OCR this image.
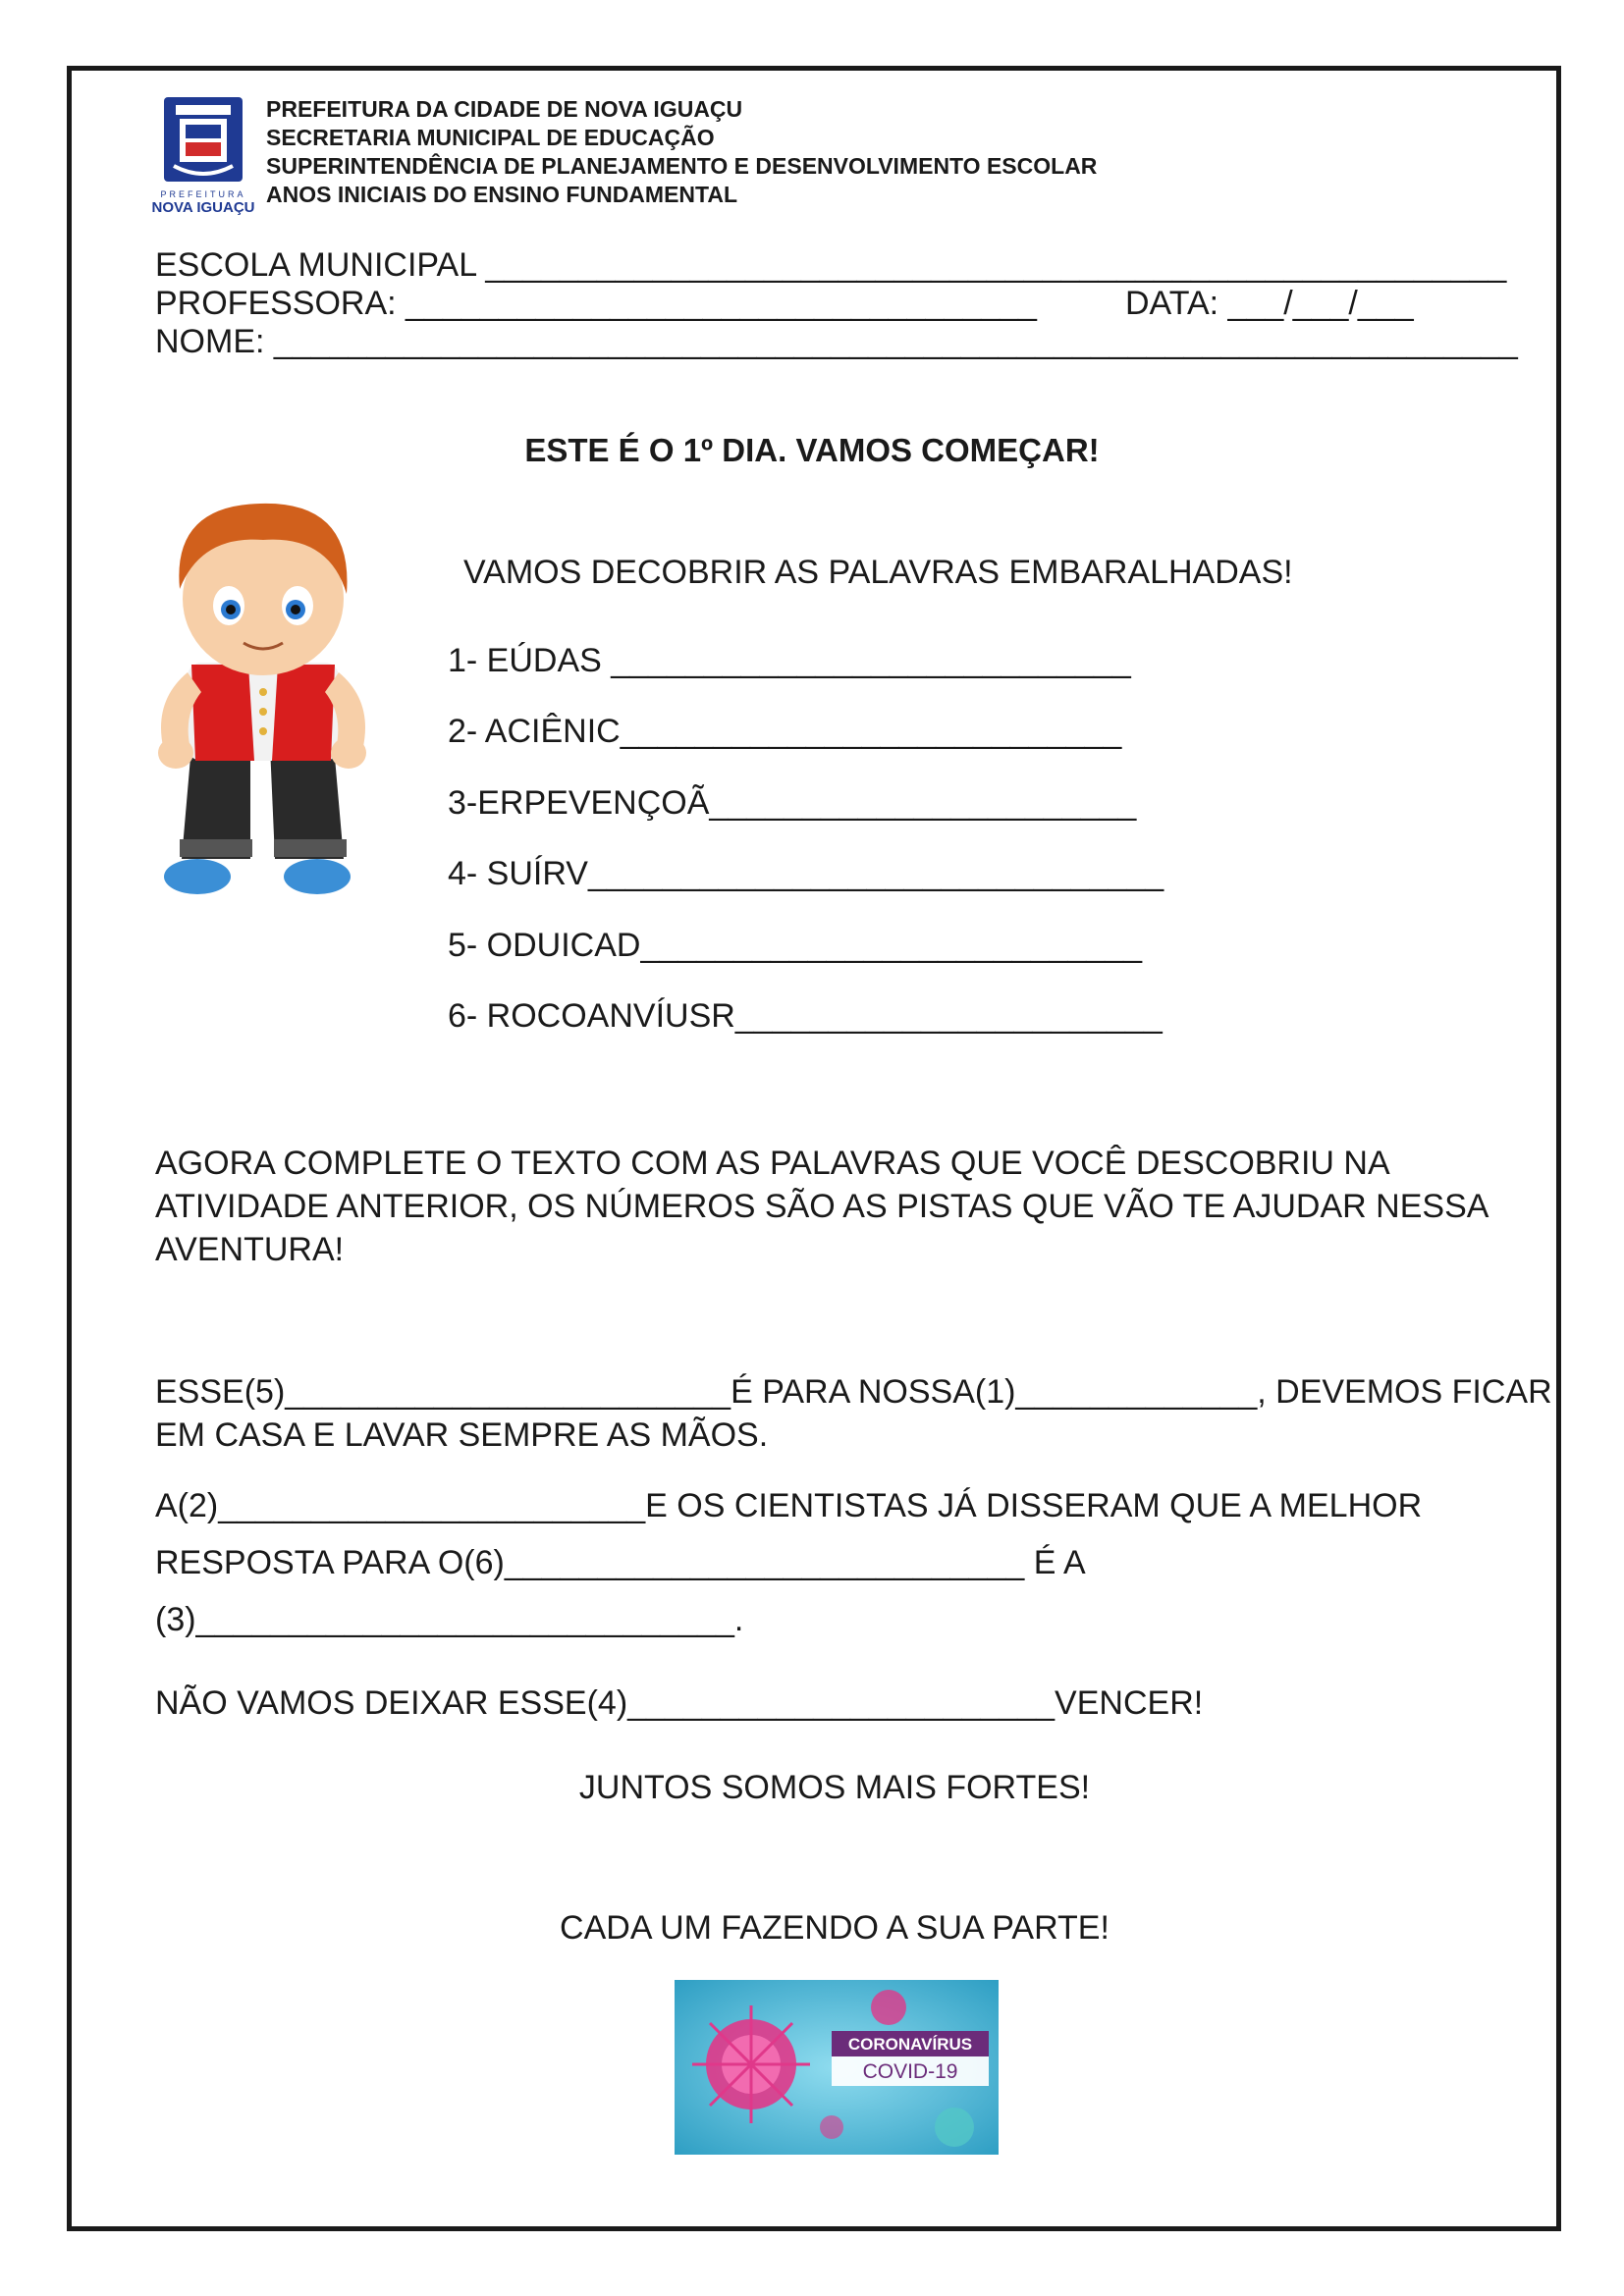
PREFEITURA
NOVA IGUAÇU
PREFEITURA DA CIDADE DE NOVA IGUAÇU
SECRETARIA MUNICIPAL DE EDUCAÇÃO
SUPERINTENDÊNCIA DE PLANEJAMENTO E DESENVOLVIMENTO ESCOLAR
ANOS INICIAIS DO ENSINO FUNDAMENTAL
ESCOLA MUNICIPAL _______________________________________________________
PROFESSORA: __________________________________	DATA: ___/___/___
NOME: ___________________________________________________________________
ESTE É O 1º DIA. VAMOS COMEÇAR!
VAMOS DECOBRIR AS PALAVRAS EMBARALHADAS!
1- EÚDAS ____________________________
2- ACIÊNIC___________________________
3-ERPEVENÇOÃ_______________________
4- SUÍRV_______________________________
5- ODUICAD___________________________
6- ROCOANVÍUSR_______________________
AGORA COMPLETE O TEXTO COM AS PALAVRAS QUE VOCÊ DESCOBRIU NA
ATIVIDADE ANTERIOR, OS NÚMEROS SÃO AS PISTAS QUE VÃO TE AJUDAR NESSA
AVENTURA!
ESSE(5)________________________É PARA NOSSA(1)_____________, DEVEMOS FICAR
EM CASA E LAVAR SEMPRE AS MÃOS.
A(2)_______________________E OS CIENTISTAS JÁ DISSERAM QUE A MELHOR
RESPOSTA PARA O(6)____________________________ É A
(3)_____________________________.
NÃO VAMOS DEIXAR ESSE(4)_______________________VENCER!
JUNTOS SOMOS MAIS FORTES!
CADA UM FAZENDO A SUA PARTE!
CORONAVÍRUS
COVID-19
